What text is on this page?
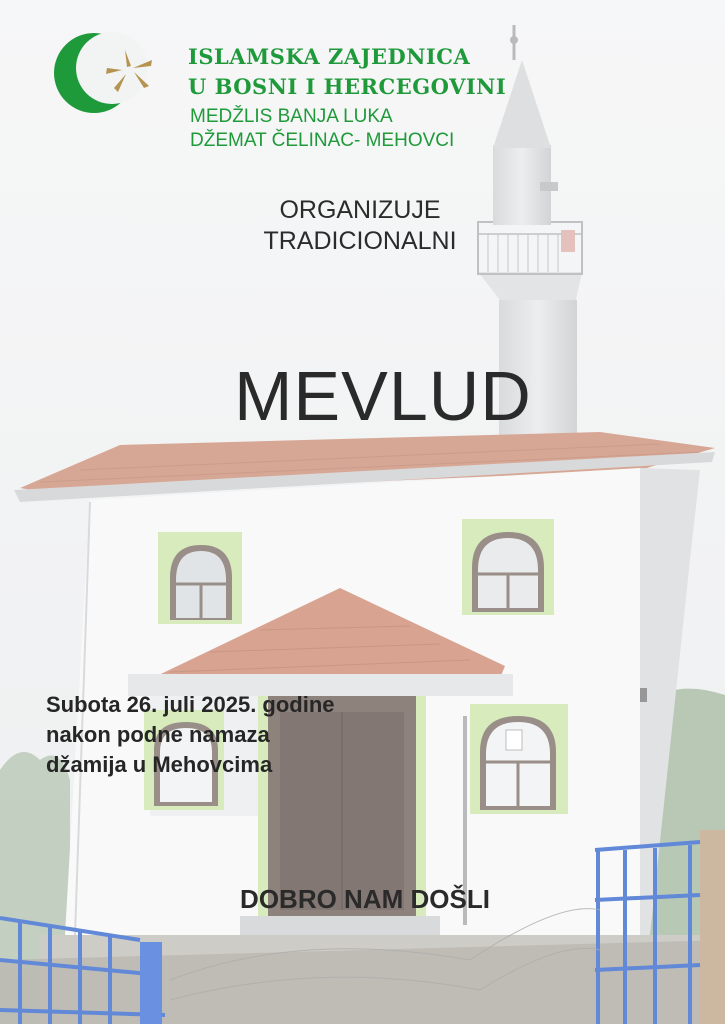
ISLAMSKA ZAJEDNICA

U BOSNI I HERCEGOVINI

MEDŽLIS BANJA LUKA

DŽEMAT ČELINAC- MEHOVCI

ORGANIZUJE
TRADICIONALNI

MEVLUD

Subota 26. juli 2025. godine
nakon podne namaza
džamija u Mehovcima

DOBRO NAM DOŠLI
